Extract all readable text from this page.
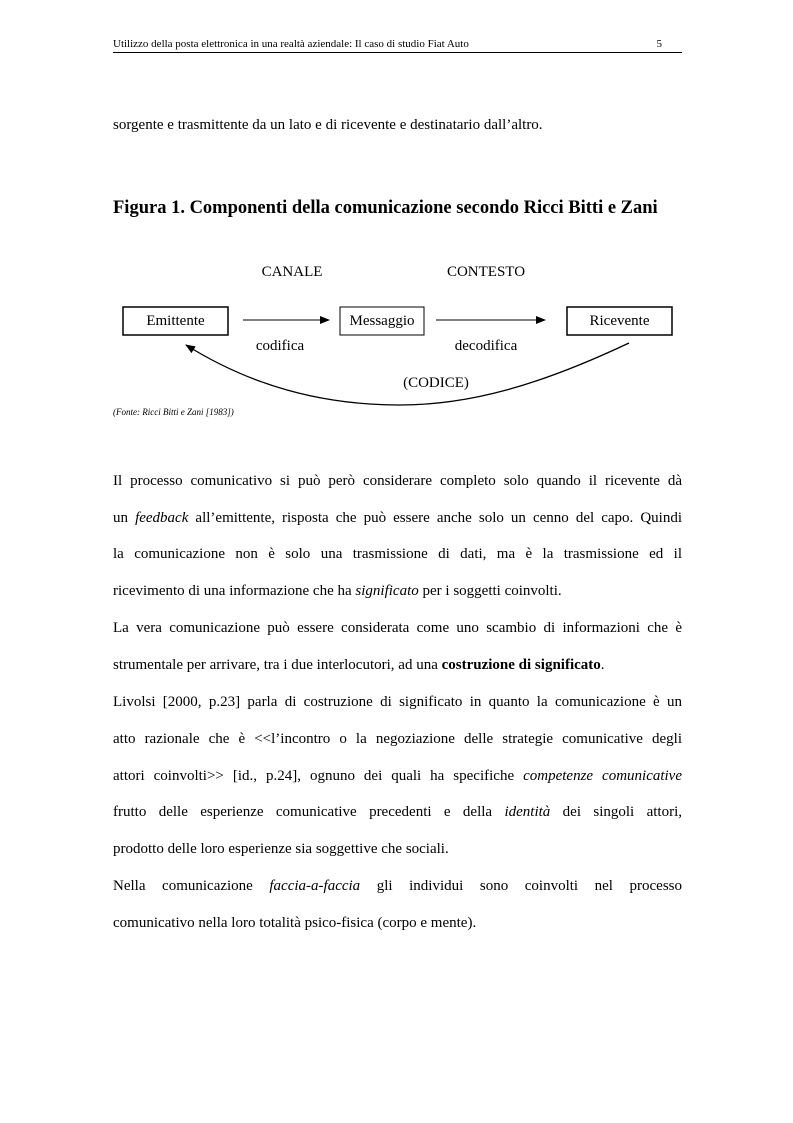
Utilizzo della posta elettronica in una realtà aziendale: Il caso di studio Fiat Auto	5
sorgente e trasmittente da un lato e di ricevente e destinatario dall’altro.
Figura 1. Componenti della comunicazione secondo Ricci Bitti e Zani
CANALE	CONTESTO
Emittente	Messaggio	Ricevente
codifica	decodifica
(CODICE)
(Fonte: Ricci Bitti e Zani [1983])
Il processo comunicativo si può però considerare completo solo quando il ricevente dà
un feedback all’emittente, risposta che può essere anche solo un cenno del capo. Quindi
la comunicazione non è solo una trasmissione di dati, ma è la trasmissione ed il
ricevimento di una informazione che ha significato per i soggetti coinvolti.
La vera comunicazione può essere considerata come uno scambio di informazioni che è
strumentale per arrivare, tra i due interlocutori, ad una costruzione di significato.
Livolsi [2000, p.23] parla di costruzione di significato in quanto la comunicazione è un
atto razionale che è <<l’incontro o la negoziazione delle strategie comunicative degli
attori coinvolti>> [id., p.24], ognuno dei quali ha specifiche competenze comunicative
frutto delle esperienze comunicative precedenti e della identità dei singoli attori,
prodotto delle loro esperienze sia soggettive che sociali.
Nella comunicazione faccia-a-faccia gli individui sono coinvolti nel processo
comunicativo nella loro totalità psico-fisica (corpo e mente).
